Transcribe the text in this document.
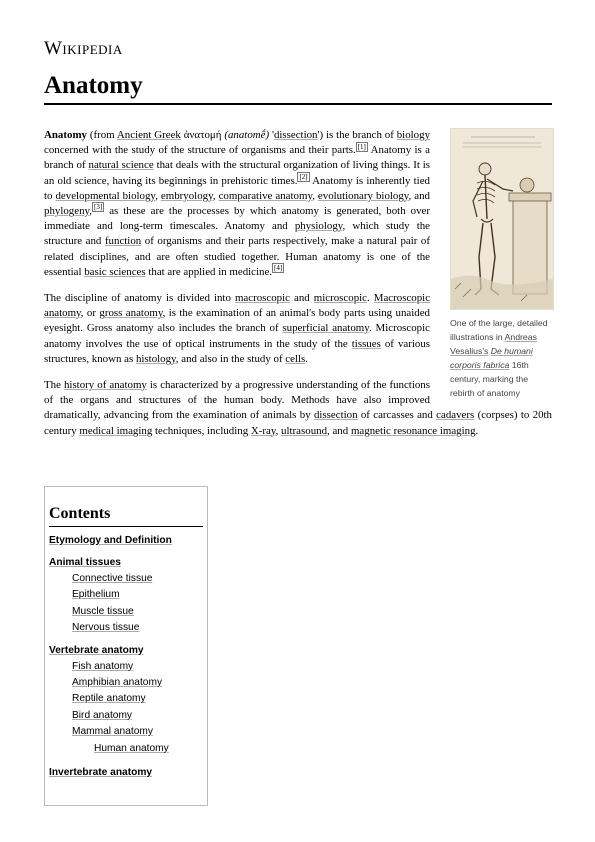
Wikipedia
Anatomy
One of the large, detailed illustrations in Andreas Vesalius's De humani corporis fabrica 16th century, marking the rebirth of anatomy

Anatomy (from Ancient Greek ἀνατομή (anatomḗ) 'dissection') is the branch of biology concerned with the study of the structure of organisms and their parts. [1] Anatomy is a branch of natural science that deals with the structural organization of living things. It is an old science, having its beginnings in prehistoric times. [2] Anatomy is inherently tied to developmental biology, embryology, comparative anatomy, evolutionary biology, and phylogeny, [3] as these are the processes by which anatomy is generated, both over immediate and long-term timescales. Anatomy and physiology, which study the structure and function of organisms and their parts respectively, make a natural pair of related disciplines, and are often studied together. Human anatomy is one of the essential basic sciences that are applied in medicine. [4]

The discipline of anatomy is divided into macroscopic and microscopic. Macroscopic anatomy, or gross anatomy, is the examination of an animal's body parts using unaided eyesight. Gross anatomy also includes the branch of superficial anatomy. Microscopic anatomy involves the use of optical instruments in the study of the tissues of various structures, known as histology, and also in the study of cells.

The history of anatomy is characterized by a progressive understanding of the functions of the organs and structures of the human body. Methods have also improved dramatically, advancing from the examination of animals by dissection of carcasses and cadavers (corpses) to 20th century medical imaging techniques, including X-ray, ultrasound, and magnetic resonance imaging.

Contents
Etymology and Definition
Animal tissues
Connective tissue
Epithelium
Muscle tissue
Nervous tissue
Vertebrate anatomy
Fish anatomy
Amphibian anatomy
Reptile anatomy
Bird anatomy
Mammal anatomy
Human anatomy
Invertebrate anatomy
